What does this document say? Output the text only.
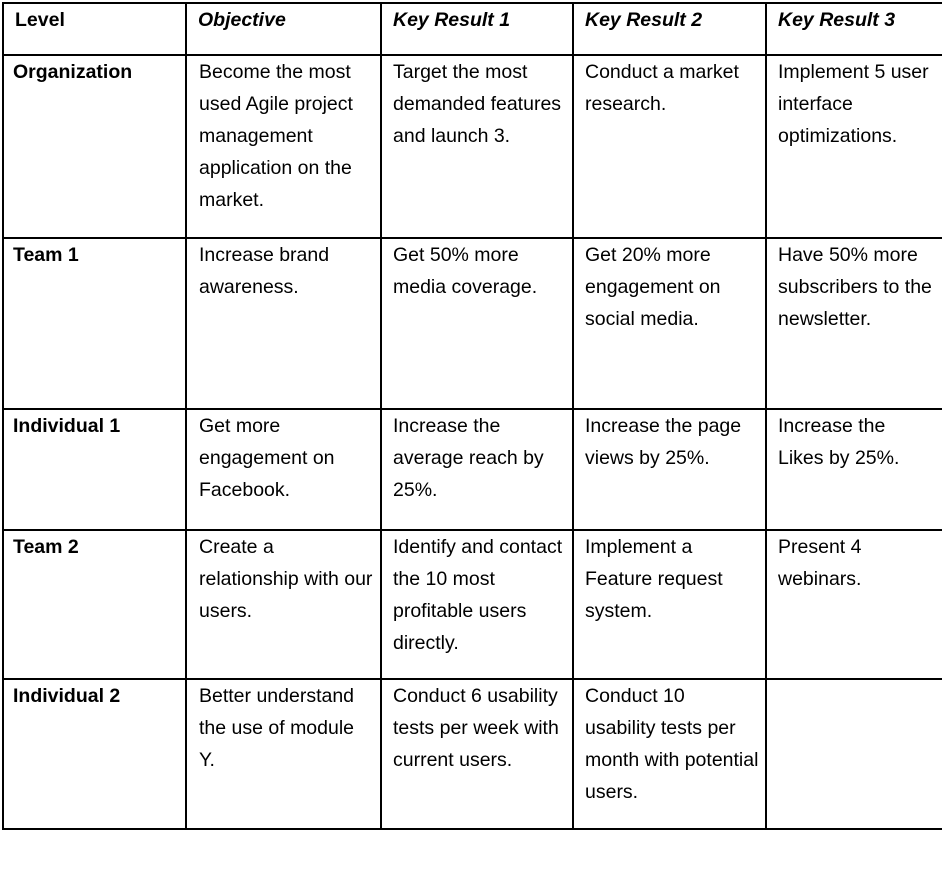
Level	Objective	Key Result 1	Key Result 2	Key Result 3
Organization	Become the most used Agile project management application on the market.	Target the most demanded features and launch 3.	Conduct a market research.	Implement 5 user interface optimizations.
Team 1	Increase brand awareness.	Get 50% more media coverage.	Get 20% more engagement on social media.	Have 50% more subscribers to the newsletter.
Individual 1	Get more engagement on Facebook.	Increase the average reach by 25%.	Increase the page views by 25%.	Increase the Likes by 25%.
Team 2	Create a relationship with our users.	Identify and contact the 10 most profitable users directly.	Implement a Feature request system.	Present 4 webinars.
Individual 2	Better understand the use of module Y.	Conduct 6 usability tests per week with current users.	Conduct 10 usability tests per month with potential users.	
